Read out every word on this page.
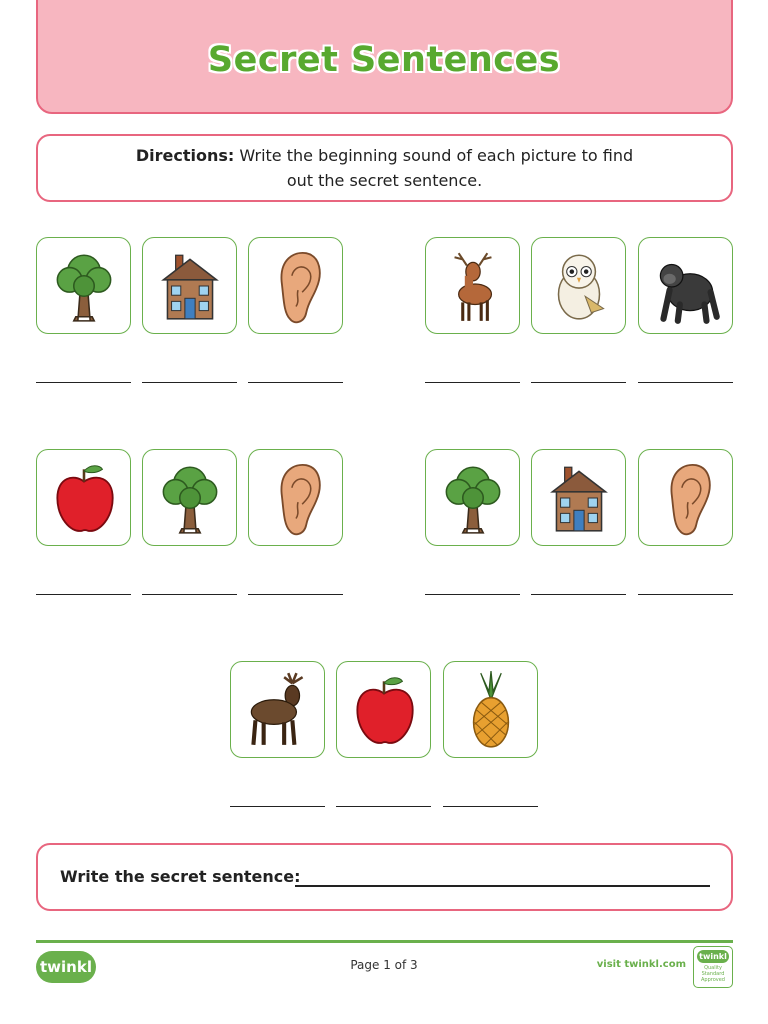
Secret Sentences
Directions: Write the beginning sound of each picture to find out the secret sentence.
Write the secret sentence:
twinkl	Page 1 of 3	visit twinkl.com
twinkl
Quality Standard Approved
